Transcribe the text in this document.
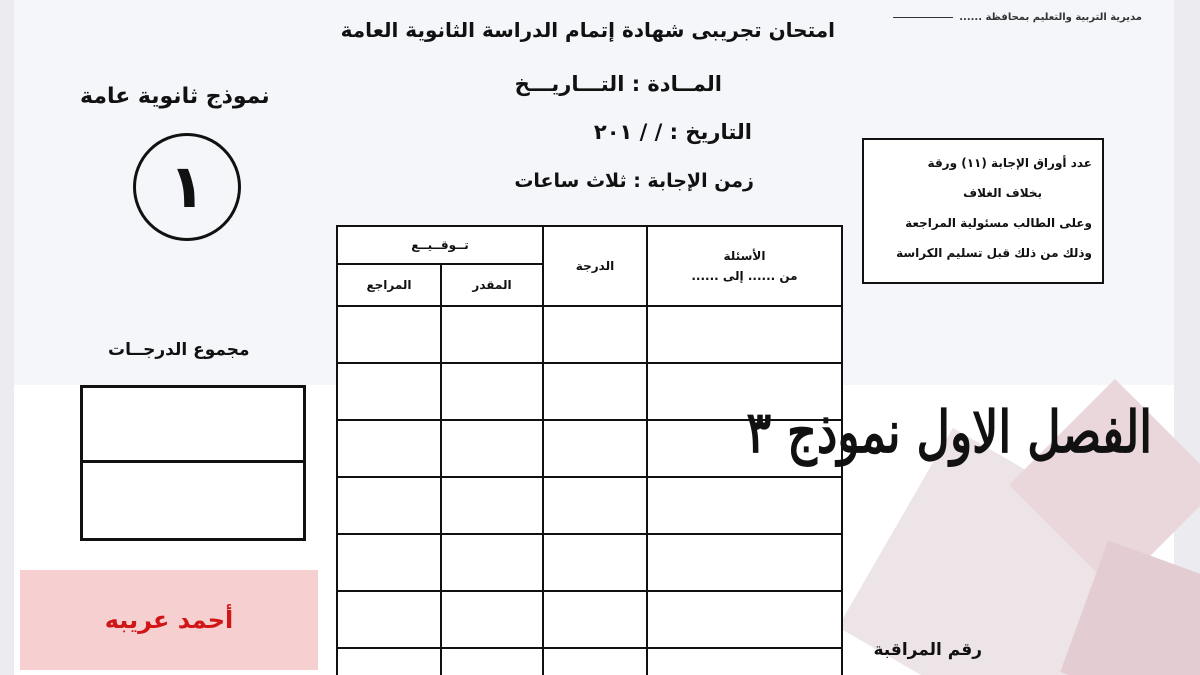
مديرية التربية والتعليم بمحافظة ......
امتحان تجريبى شهادة إتمام الدراسة الثانوية العامة
المــادة : التـــاريـــخ
التاريخ : / / ٢٠١
زمن الإجابة : ثلاث ساعات
نموذج ثانوية عامة
١	عدد أوراق الإجابة (١١) ورقة
بخلاف الغلاف
وعلى الطالب مسئولية المراجعة
وذلك من ذلك قبل تسليم الكراسة
الأسئلة
من ...... إلى ......	الدرجة	تــوقــيــع	
		المقدر	المراجع

مجموع الدرجــات
الفصل الاول نموذج ٣
أحمد عريبه
رقم المراقبة
